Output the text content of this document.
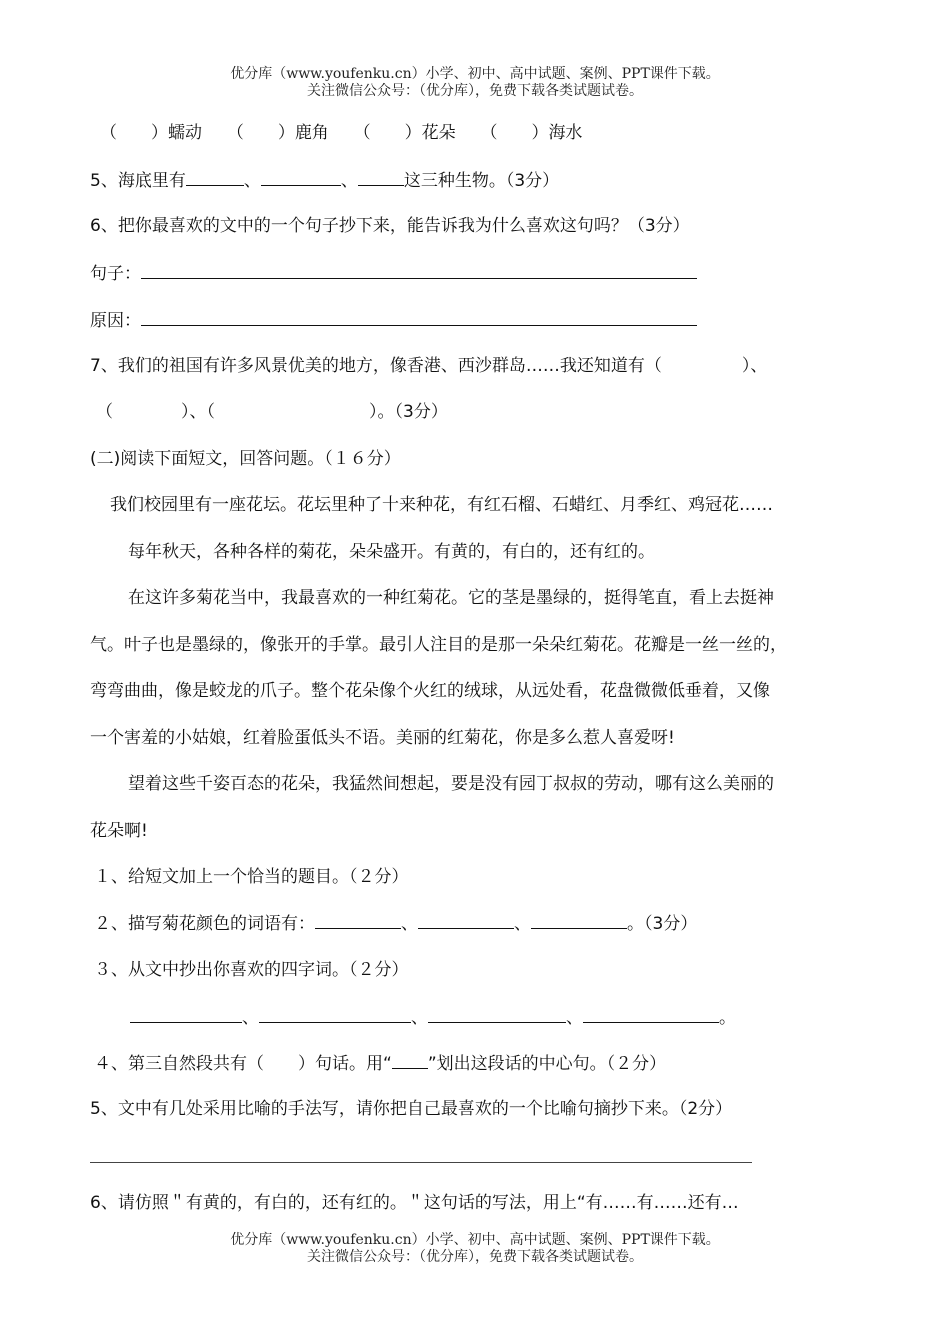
优分库（www.youfenku.cn）小学、初中、高中试题、案例、PPT课件下载。
关注微信公众号：（优分库），免费下载各类试题试卷。
（ ）蠕动 （ ）鹿角 （ ）花朵 （ ）海水
5、海底里有	、	、	这三种生物。（3分）
6、把你最喜欢的文中的一个句子抄下来，能告诉我为什么喜欢这句吗？（3分）
句子：
原因：
7、我们的祖国有许多风景优美的地方，像香港、西沙群岛……我还知道有（	）、
（	）、（	）。（3分）
(二)阅读下面短文，回答问题。（１６分）
我们校园里有一座花坛。花坛里种了十来种花，有红石榴、石蜡红、月季红、鸡冠花……
每年秋天，各种各样的菊花，朵朵盛开。有黄的，有白的，还有红的。
在这许多菊花当中，我最喜欢的一种红菊花。它的茎是墨绿的，挺得笔直，看上去挺神
气。叶子也是墨绿的，像张开的手掌。最引人注目的是那一朵朵红菊花。花瓣是一丝一丝的，
弯弯曲曲，像是蛟龙的爪子。整个花朵像个火红的绒球，从远处看，花盘微微低垂着，又像
一个害羞的小姑娘，红着脸蛋低头不语。美丽的红菊花，你是多么惹人喜爱呀!
望着这些千姿百态的花朵，我猛然间想起，要是没有园丁叔叔的劳动，哪有这么美丽的
花朵啊!
１、给短文加上一个恰当的题目。（２分）
２、描写菊花颜色的词语有：	、	、	。（3分）
３、从文中抄出你喜欢的四字词。（２分）
、	、	、	。
４、第三自然段共有（ ）句话。用“ ”划出这段话的中心句。（２分）
5、文中有几处采用比喻的手法写，请你把自己最喜欢的一个比喻句摘抄下来。（2分）
6、请仿照＂有黄的，有白的，还有红的。＂这句话的写法，用上“有……有……还有…
优分库（www.youfenku.cn）小学、初中、高中试题、案例、PPT课件下载。
关注微信公众号：（优分库），免费下载各类试题试卷。
